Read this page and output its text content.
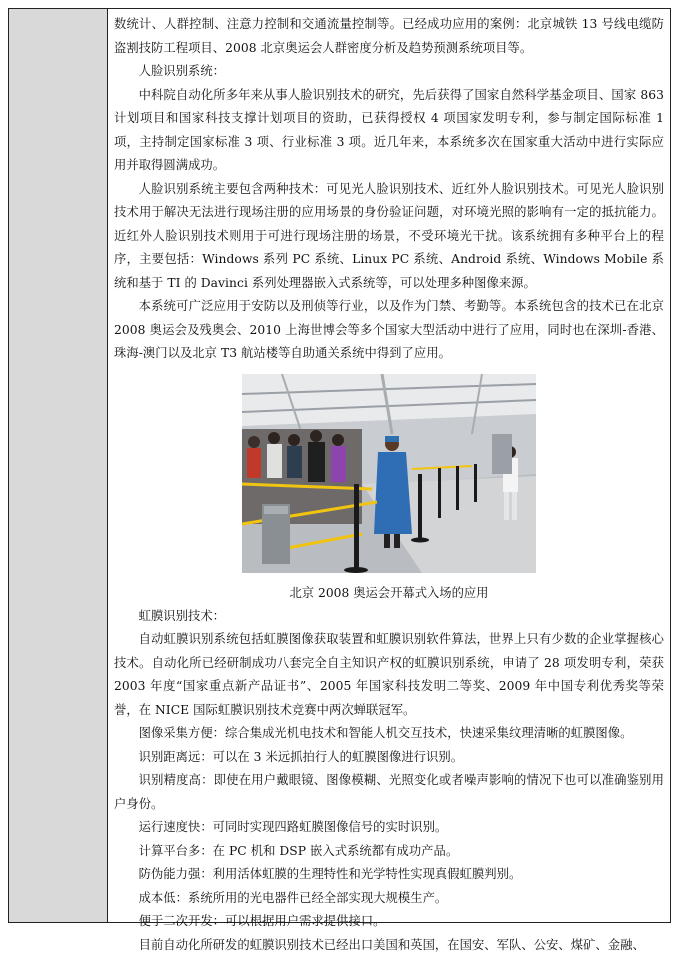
数统计、人群控制、注意力控制和交通流量控制等。已经成功应用的案例：北京城铁 13 号线电缆防盗割技防工程项目、2008 北京奥运会人群密度分析及趋势预测系统项目等。

人脸识别系统：

中科院自动化所多年来从事人脸识别技术的研究，先后获得了国家自然科学基金项目、国家 863 计划项目和国家科技支撑计划项目的资助，已获得授权 4 项国家发明专利，参与制定国际标准 1 项，主持制定国家标准 3 项、行业标准 3 项。近几年来，本系统多次在国家重大活动中进行实际应用并取得圆满成功。

人脸识别系统主要包含两种技术：可见光人脸识别技术、近红外人脸识别技术。可见光人脸识别技术用于解决无法进行现场注册的应用场景的身份验证问题，对环境光照的影响有一定的抵抗能力。近红外人脸识别技术则用于可进行现场注册的场景，不受环境光干扰。该系统拥有多种平台上的程序，主要包括：Windows 系列 PC 系统、Linux PC 系统、Android 系统、Windows Mobile 系统和基于 TI 的 Davinci 系列处理器嵌入式系统等，可以处理多种图像来源。

本系统可广泛应用于安防以及刑侦等行业，以及作为门禁、考勤等。本系统包含的技术已在北京 2008 奥运会及残奥会、2010 上海世博会等多个国家大型活动中进行了应用，同时也在深圳-香港、珠海-澳门以及北京 T3 航站楼等自助通关系统中得到了应用。

北京 2008 奥运会开幕式入场的应用

虹膜识别技术：

自动虹膜识别系统包括虹膜图像获取装置和虹膜识别软件算法，世界上只有少数的企业掌握核心技术。自动化所已经研制成功八套完全自主知识产权的虹膜识别系统，申请了 28 项发明专利，荣获 2003 年度“国家重点新产品证书”、2005 年国家科技发明二等奖、2009 年中国专利优秀奖等荣誉，在 NICE 国际虹膜识别技术竞赛中两次蝉联冠军。

图像采集方便：综合集成光机电技术和智能人机交互技术，快速采集纹理清晰的虹膜图像。

识别距离远：可以在 3 米远抓拍行人的虹膜图像进行识别。

识别精度高：即使在用户戴眼镜、图像模糊、光照变化或者噪声影响的情况下也可以准确鉴别用户身份。

运行速度快：可同时实现四路虹膜图像信号的实时识别。

计算平台多：在 PC 机和 DSP 嵌入式系统都有成功产品。

防伪能力强：利用活体虹膜的生理特性和光学特性实现真假虹膜判别。

成本低：系统所用的光电器件已经全部实现大规模生产。

便于二次开发：可以根据用户需求提供接口。

目前自动化所研发的虹膜识别技术已经出口美国和英国，在国安、军队、公安、煤矿、金融、
